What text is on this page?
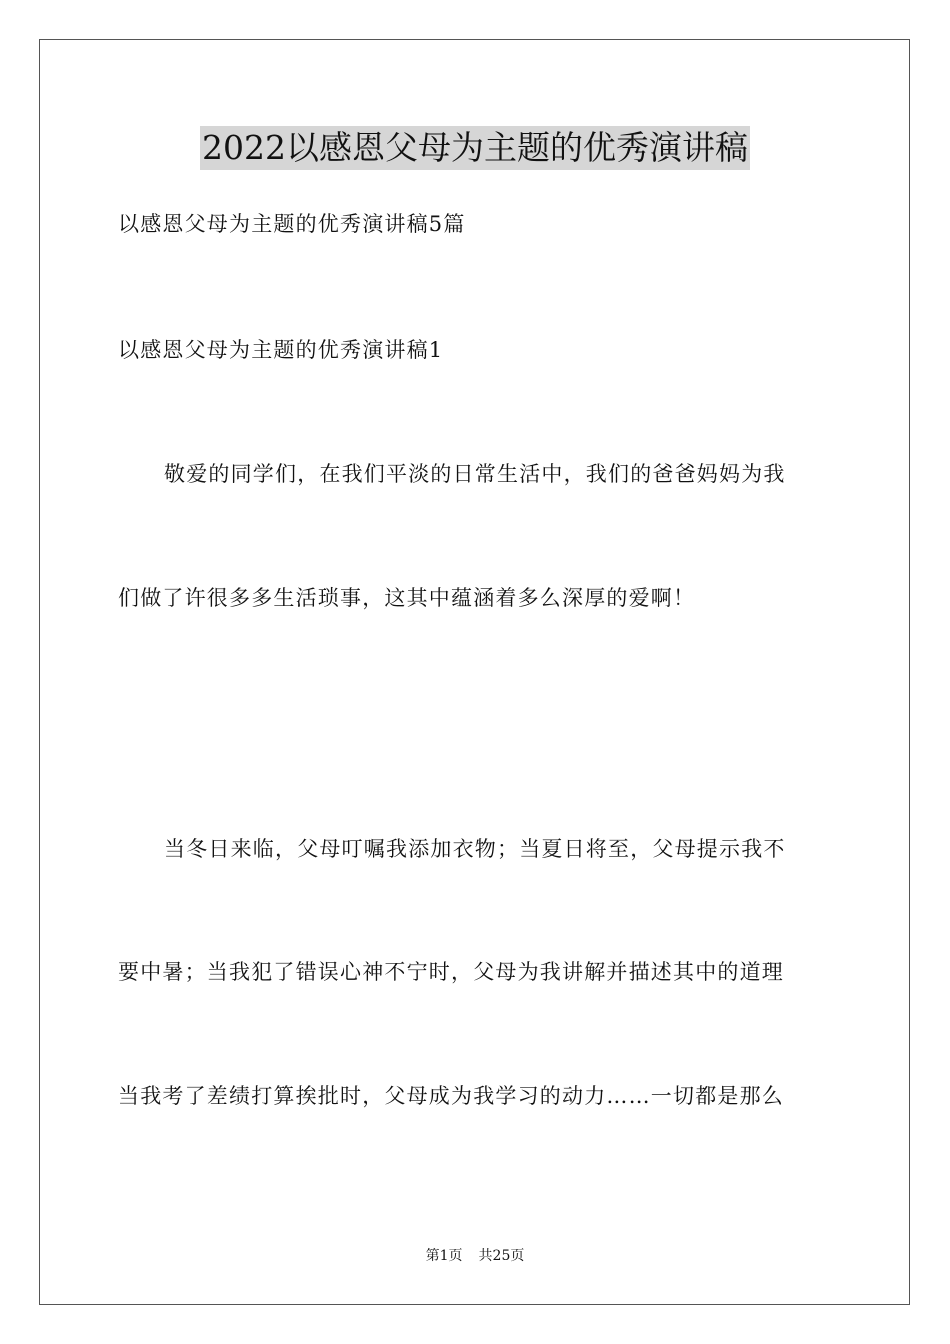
2022以感恩父母为主题的优秀演讲稿
以感恩父母为主题的优秀演讲稿5篇
以感恩父母为主题的优秀演讲稿1
敬爱的同学们，在我们平淡的日常生活中，我们的爸爸妈妈为我
们做了许很多多生活琐事，这其中蕴涵着多么深厚的爱啊！
当冬日来临，父母叮嘱我添加衣物；当夏日将至，父母提示我不
要中暑；当我犯了错误心神不宁时，父母为我讲解并描述其中的道理
当我考了差绩打算挨批时，父母成为我学习的动力……一切都是那么
第1页 共25页
